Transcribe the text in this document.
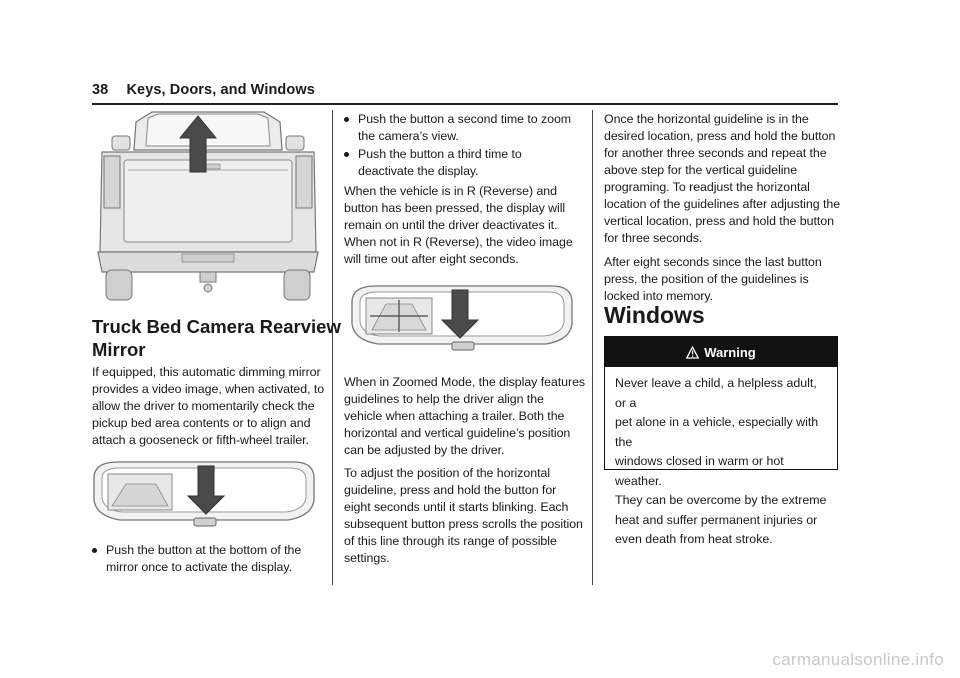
38 Keys, Doors, and Windows
Truck Bed Camera Rearview
Mirror
If equipped, this automatic dimming mirror
provides a video image, when activated, to
allow the driver to momentarily check the
pickup bed area contents or to align and
attach a gooseneck or fifth-wheel trailer.
Push the button at the bottom of the
mirror once to activate the display.
Push the button a second time to zoom
the camera’s view.
Push the button a third time to
deactivate the display.
When the vehicle is in R (Reverse) and
button has been pressed, the display will
remain on until the driver deactivates it.
When not in R (Reverse), the video image
will time out after eight seconds.
When in Zoomed Mode, the display features
guidelines to help the driver align the
vehicle when attaching a trailer. Both the
horizontal and vertical guideline’s position
can be adjusted by the driver.
To adjust the position of the horizontal
guideline, press and hold the button for
eight seconds until it starts blinking. Each
subsequent button press scrolls the position
of this line through its range of possible
settings.
Once the horizontal guideline is in the
desired location, press and hold the button
for another three seconds and repeat the
above step for the vertical guideline
programing. To readjust the horizontal
location of the guidelines after adjusting the
vertical location, press and hold the button
for three seconds.
After eight seconds since the last button
press, the position of the guidelines is
locked into memory.
Windows
Warning
Never leave a child, a helpless adult, or a
pet alone in a vehicle, especially with the
windows closed in warm or hot weather.
They can be overcome by the extreme
heat and suffer permanent injuries or
even death from heat stroke.
carmanualsonline.info
